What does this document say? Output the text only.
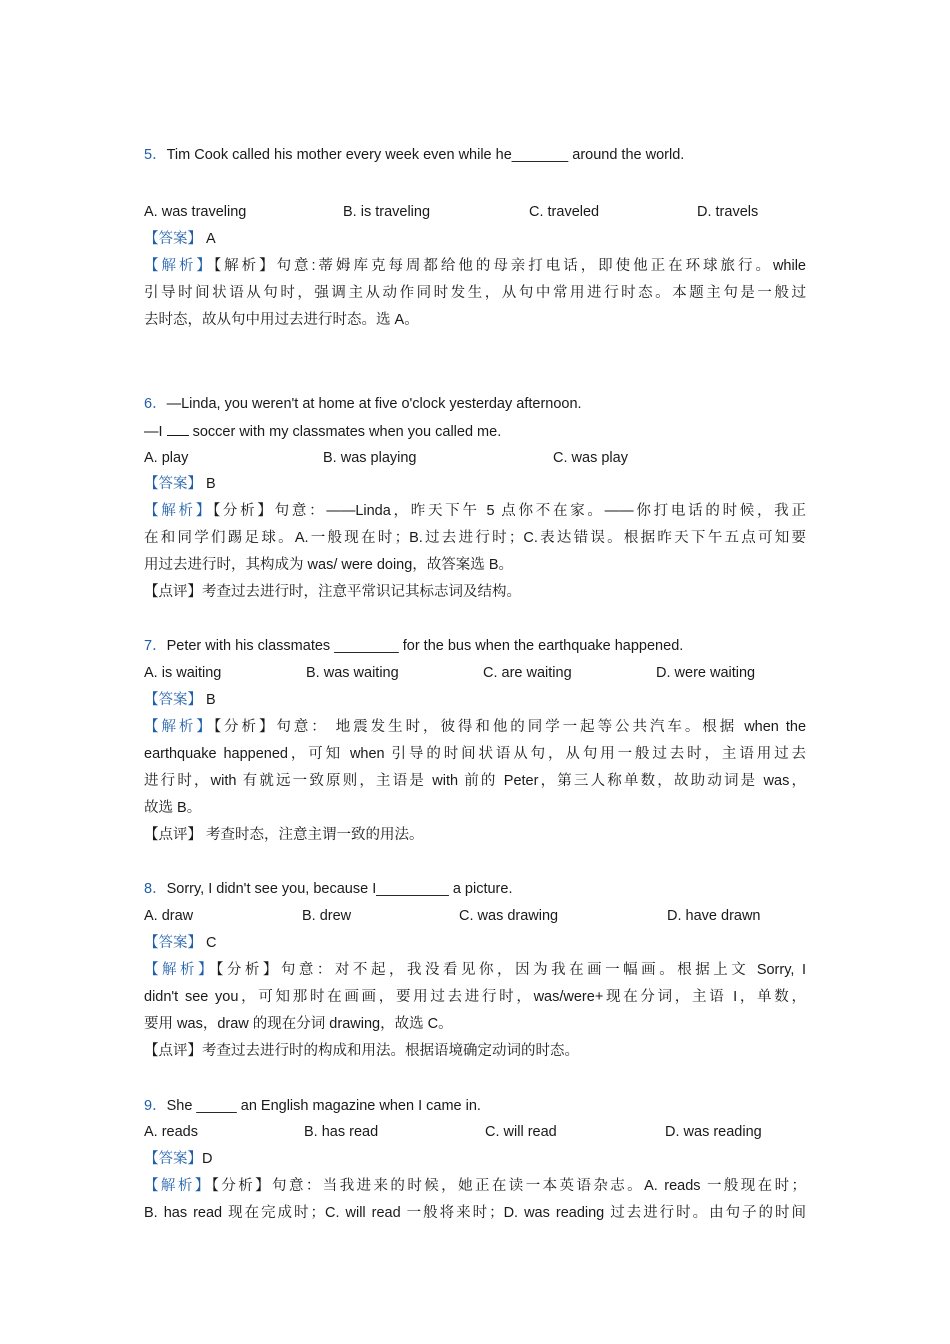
5．Tim Cook called his mother every week even while he_______ around the world.
A. was traveling	B. is traveling	C. traveled	D. travels
【答案】 A
【解析】【解析】句意:蒂姆库克每周都给他的母亲打电话，即使他正在环球旅行。while
引导时间状语从句时，强调主从动作同时发生，从句中常用进行时态。本题主句是一般过
去时态，故从句中用过去进行时态。选 A。
6．—Linda, you weren't at home at five o'clock yesterday afternoon.
—I  soccer with my classmates when you called me.
A. play	B. was playing	C. was play
【答案】 B
【解析】【分析】句意：——Linda，昨天下午 5 点你不在家。——你打电话的时候，我正
在和同学们踢足球。A.一般现在时；B.过去进行时；C.表达错误。根据昨天下午五点可知要
用过去进行时，其构成为 was/ were doing，故答案选 B。
【点评】考查过去进行时，注意平常识记其标志词及结构。
7．Peter with his classmates ________ for the bus when the earthquake happened.
A. is waiting	B. was waiting	C. are waiting	D. were waiting
【答案】 B
【解析】【分析】句意： 地震发生时，彼得和他的同学一起等公共汽车。根据 when the
earthquake happened，可知 when 引导的时间状语从句，从句用一般过去时，主语用过去
进行时，with 有就远一致原则，主语是 with 前的 Peter，第三人称单数，故助动词是 was，
故选 B。
【点评】 考查时态，注意主谓一致的用法。
8．Sorry, I didn't see you, because I_________ a picture.
A. draw	B. drew	C. was drawing	D. have drawn
【答案】 C
【解析】【分析】句意：对不起，我没看见你，因为我在画一幅画。根据上文 Sorry, I
didn't see you，可知那时在画画，要用过去进行时，was/were+现在分词，主语 I，单数，
要用 was，draw 的现在分词 drawing，故选 C。
【点评】考查过去进行时的构成和用法。根据语境确定动词的时态。
9．She _____ an English magazine when I came in.
A. reads	B. has read	C. will read	D. was reading
【答案】D
【解析】【分析】句意：当我进来的时候，她正在读一本英语杂志。A. reads 一般现在时；
B. has read 现在完成时；C. will read 一般将来时；D. was reading 过去进行时。由句子的时间
